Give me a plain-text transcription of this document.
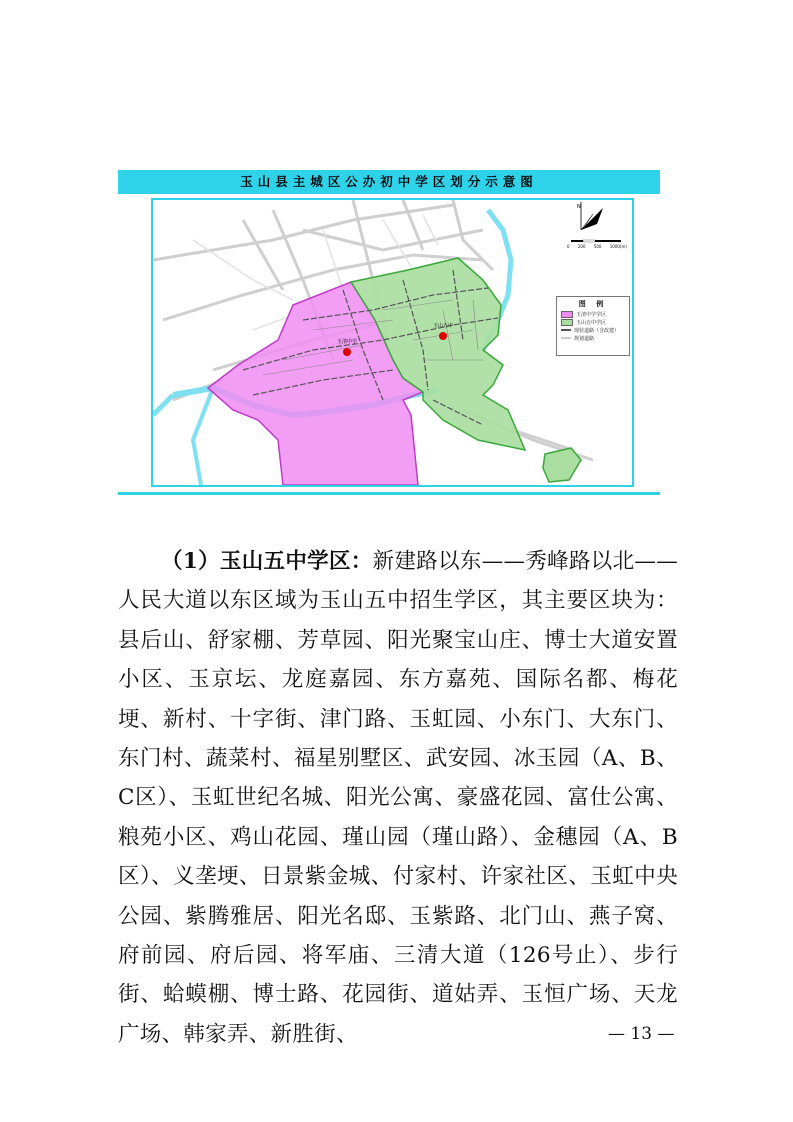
玉山县主城区公办初中学区划分示意图
玉清中学
玉山五中
N
图 例
玉清中学学区
玉山五中学区
现状道路（含改建）
规划道路
0 200 500 1000(m)

（1）玉山五中学区：新建路以东——秀峰路以北——人民大道以东区域为玉山五中招生学区，其主要区块为：县后山、舒家棚、芳草园、阳光聚宝山庄、博士大道安置小区、玉京坛、龙庭嘉园、东方嘉苑、国际名都、梅花埂、新村、十字街、津门路、玉虹园、小东门、大东门、东门村、蔬菜村、福星别墅区、武安园、冰玉园（A、B、C区）、玉虹世纪名城、阳光公寓、豪盛花园、富仕公寓、粮苑小区、鸡山花园、瑾山园（瑾山路）、金穗园（A、B区）、义垄埂、日景紫金城、付家村、许家社区、玉虹中央公园、紫腾雅居、阳光名邸、玉紫路、北门山、燕子窝、府前园、府后园、将军庙、三清大道（126号止）、步行街、蛤蟆棚、博士路、花园街、道姑弄、玉恒广场、天龙广场、韩家弄、新胜街、	— 13 —
